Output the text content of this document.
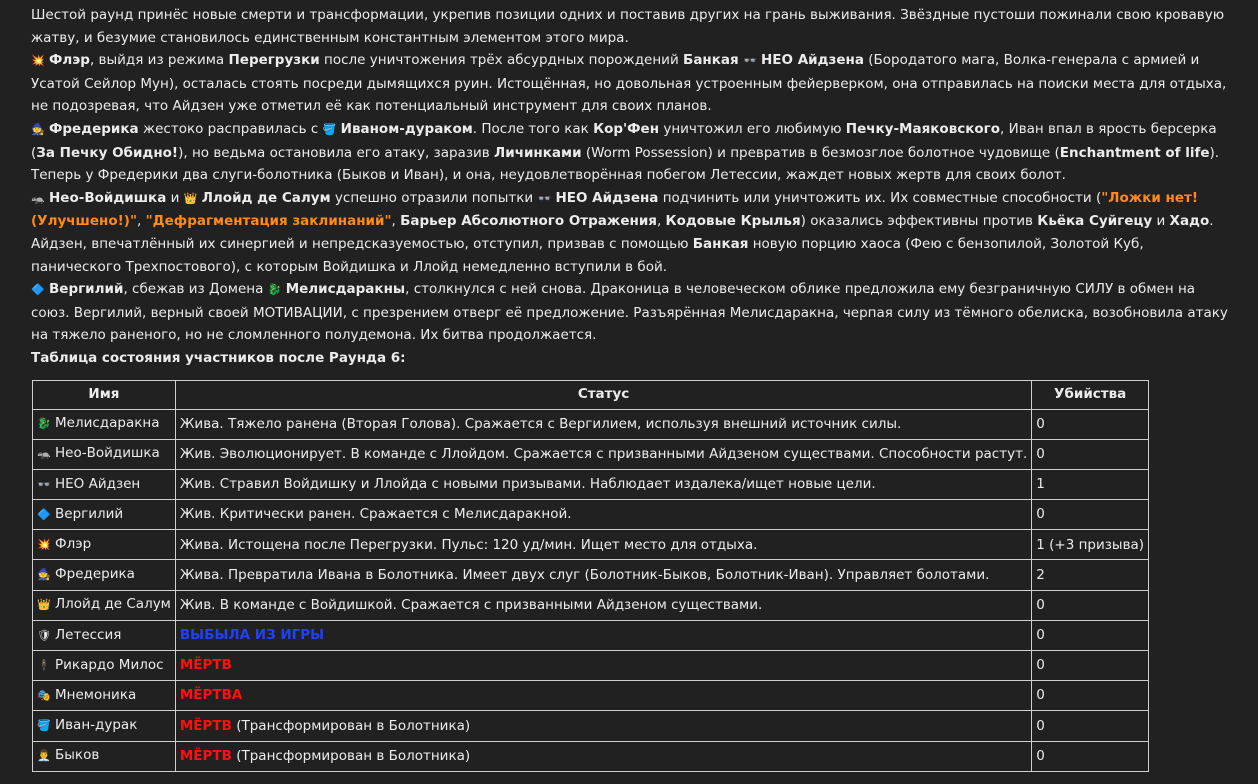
Шестой раунд принёс новые смерти и трансформации, укрепив позиции одних и поставив других на грань выживания. Звёздные пустоши пожинали свою кровавую жатву, и безумие становилось единственным константным элементом этого мира.

💥 Флэр, выйдя из режима Перегрузки после уничтожения трёх абсурдных порождений Банкая 👓 НЕО Айдзена (Бородатого мага, Волка-генерала с армией и Усатой Сейлор Мун), осталась стоять посреди дымящихся руин. Истощённая, но довольная устроенным фейерверком, она отправилась на поиски места для отдыха, не подозревая, что Айдзен уже отметил её как потенциальный инструмент для своих планов.

🧙 Фредерика жестоко расправилась с 🪣 Иваном-дураком. После того как Кор'Фен уничтожил его любимую Печку-Маяковского, Иван впал в ярость берсерка (За Печку Обидно!), но ведьма остановила его атаку, заразив Личинками (Worm Possession) и превратив в безмозглое болотное чудовище (Enchantment of life). Теперь у Фредерики два слуги-болотника (Быков и Иван), и она, неудовлетворённая побегом Летессии, жаждет новых жертв для своих болот.

🦡 Нео-Войдишка и 👑 Ллойд де Салум успешно отразили попытки 👓 НЕО Айдзена подчинить или уничтожить их. Их совместные способности ("Ложки нет! (Улучшено!)", "Дефрагментация заклинаний", Барьер Абсолютного Отражения, Кодовые Крылья) оказались эффективны против Кьёка Суйгецу и Хадо. Айдзен, впечатлённый их синергией и непредсказуемостью, отступил, призвав с помощью Банкая новую порцию хаоса (Фею с бензопилой, Золотой Куб, панического Трехпостового), с которым Войдишка и Ллойд немедленно вступили в бой.

🔷 Вергилий, сбежав из Домена 🐉 Мелисдаракны, столкнулся с ней снова. Драконица в человеческом облике предложила ему безграничную СИЛУ в обмен на союз. Вергилий, верный своей МОТИВАЦИИ, с презрением отверг её предложение. Разъярённая Мелисдаракна, черпая силу из тёмного обелиска, возобновила атаку на тяжело раненого, но не сломленного полудемона. Их битва продолжается.

Таблица состояния участников после Раунда 6:

Имя	Статус	Убийства
🐉 Мелисдаракна	Жива. Тяжело ранена (Вторая Голова). Сражается с Вергилием, используя внешний источник силы.	0
🦡 Нео-Войдишка	Жив. Эволюционирует. В команде с Ллойдом. Сражается с призванными Айдзеном существами. Способности растут.	0
👓 НЕО Айдзен	Жив. Стравил Войдишку и Ллойда с новыми призывами. Наблюдает издалека/ищет новые цели.	1
🔷 Вергилий	Жив. Критически ранен. Сражается с Мелисдаракной.	0
💥 Флэр	Жива. Истощена после Перегрузки. Пульс: 120 уд/мин. Ищет место для отдыха.	1 (+3 призыва)
🧙 Фредерика	Жива. Превратила Ивана в Болотника. Имеет двух слуг (Болотник-Быков, Болотник-Иван). Управляет болотами.	2
👑 Ллойд де Салум	Жив. В команде с Войдишкой. Сражается с призванными Айдзеном существами.	0
🛡 Летессия	ВЫБЫЛА ИЗ ИГРЫ	0
🕴 Рикардо Милос	МЁРТВ	0
🎭 Мнемоника	МЁРТВА	0
🪣 Иван-дурак	МЁРТВ (Трансформирован в Болотника)	0
👨‍💼 Быков	МЁРТВ (Трансформирован в Болотника)	0
